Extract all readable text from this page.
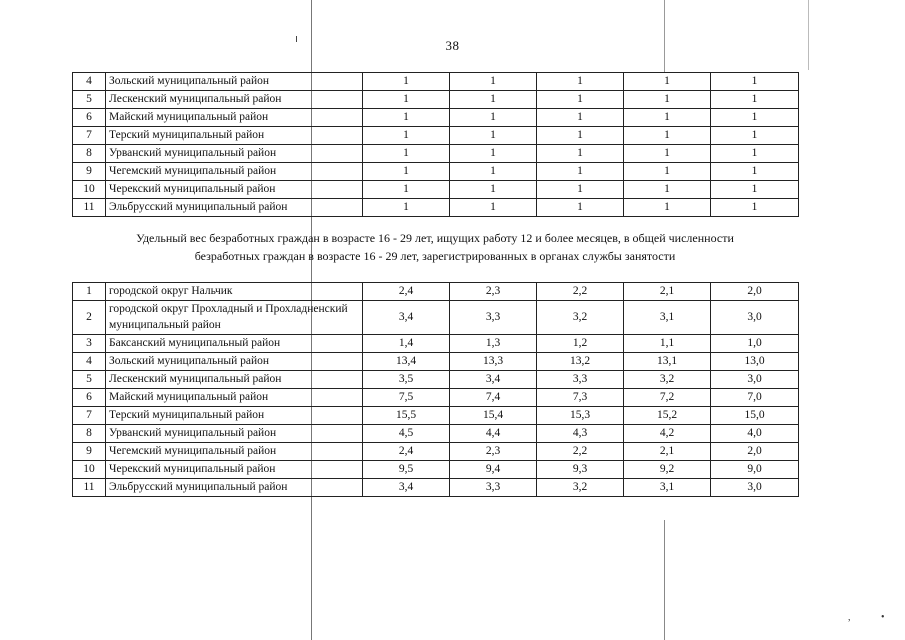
,	•
38
4	Зольский муниципальный район	1	1	1	1	1
5	Лескенский муниципальный район	1	1	1	1	1
6	Майский муниципальный район	1	1	1	1	1
7	Терский муниципальный район	1	1	1	1	1
8	Урванский муниципальный район	1	1	1	1	1
9	Чегемский муниципальный район	1	1	1	1	1
10	Черекский муниципальный район	1	1	1	1	1
11	Эльбрусский муниципальный район	1	1	1	1	1
Удельный вес безработных граждан в возрасте 16 - 29 лет, ищущих работу 12 и более месяцев, в общей численности
безработных граждан в возрасте 16 - 29 лет, зарегистрированных в органах службы занятости
1	городской округ Нальчик	2,4	2,3	2,2	2,1	2,0
2	городской округ Прохладный и Прохладненский муниципальный район	3,4	3,3	3,2	3,1	3,0
3	Баксанский муниципальный район	1,4	1,3	1,2	1,1	1,0
4	Зольский муниципальный район	13,4	13,3	13,2	13,1	13,0
5	Лескенский муниципальный район	3,5	3,4	3,3	3,2	3,0
6	Майский муниципальный район	7,5	7,4	7,3	7,2	7,0
7	Терский муниципальный район	15,5	15,4	15,3	15,2	15,0
8	Урванский муниципальный район	4,5	4,4	4,3	4,2	4,0
9	Чегемский муниципальный район	2,4	2,3	2,2	2,1	2,0
10	Черекский муниципальный район	9,5	9,4	9,3	9,2	9,0
11	Эльбрусский муниципальный район	3,4	3,3	3,2	3,1	3,0
